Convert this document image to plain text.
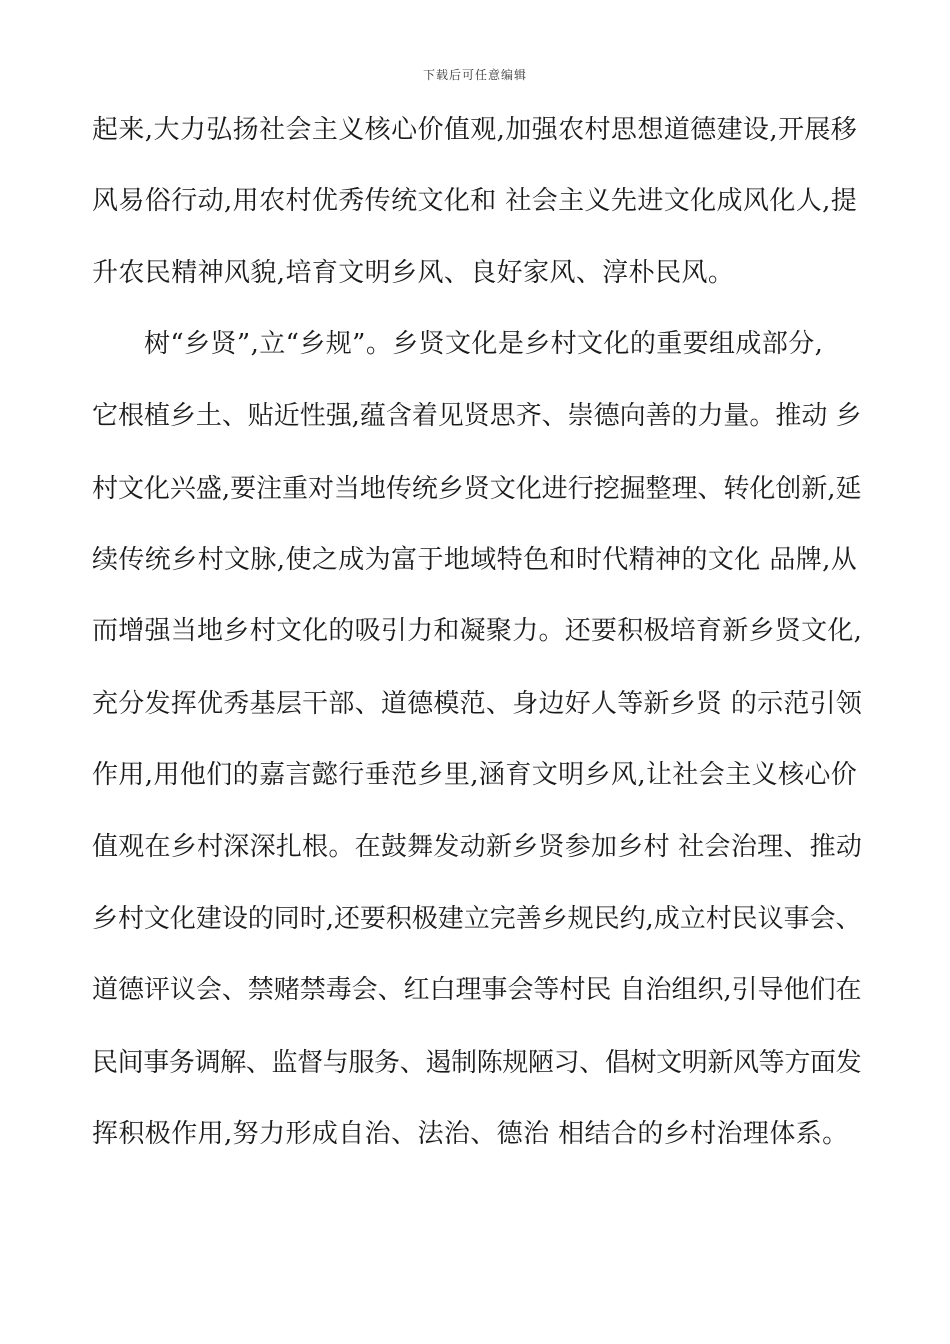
下载后可任意编辑
起来,大力弘扬社会主义核心价值观,加强农村思想道德建设,开展移
风易俗行动,用农村优秀传统文化和 社会主义先进文化成风化人,提
升农民精神风貌,培育文明乡风、良好家风、淳朴民风。
树“乡贤”,立“乡规”。乡贤文化是乡村文化的重要组成部分,
它根植乡土、贴近性强,蕴含着见贤思齐、崇德向善的力量。推动 乡
村文化兴盛,要注重对当地传统乡贤文化进行挖掘整理、转化创新,延
续传统乡村文脉,使之成为富于地域特色和时代精神的文化 品牌,从
而增强当地乡村文化的吸引力和凝聚力。还要积极培育新乡贤文化,
充分发挥优秀基层干部、道德模范、身边好人等新乡贤 的示范引领
作用,用他们的嘉言懿行垂范乡里,涵育文明乡风,让社会主义核心价
值观在乡村深深扎根。在鼓舞发动新乡贤参加乡村 社会治理、推动
乡村文化建设的同时,还要积极建立完善乡规民约,成立村民议事会、
道德评议会、禁赌禁毒会、红白理事会等村民 自治组织,引导他们在
民间事务调解、监督与服务、遏制陈规陋习、倡树文明新风等方面发
挥积极作用,努力形成自治、法治、德治 相结合的乡村治理体系。
